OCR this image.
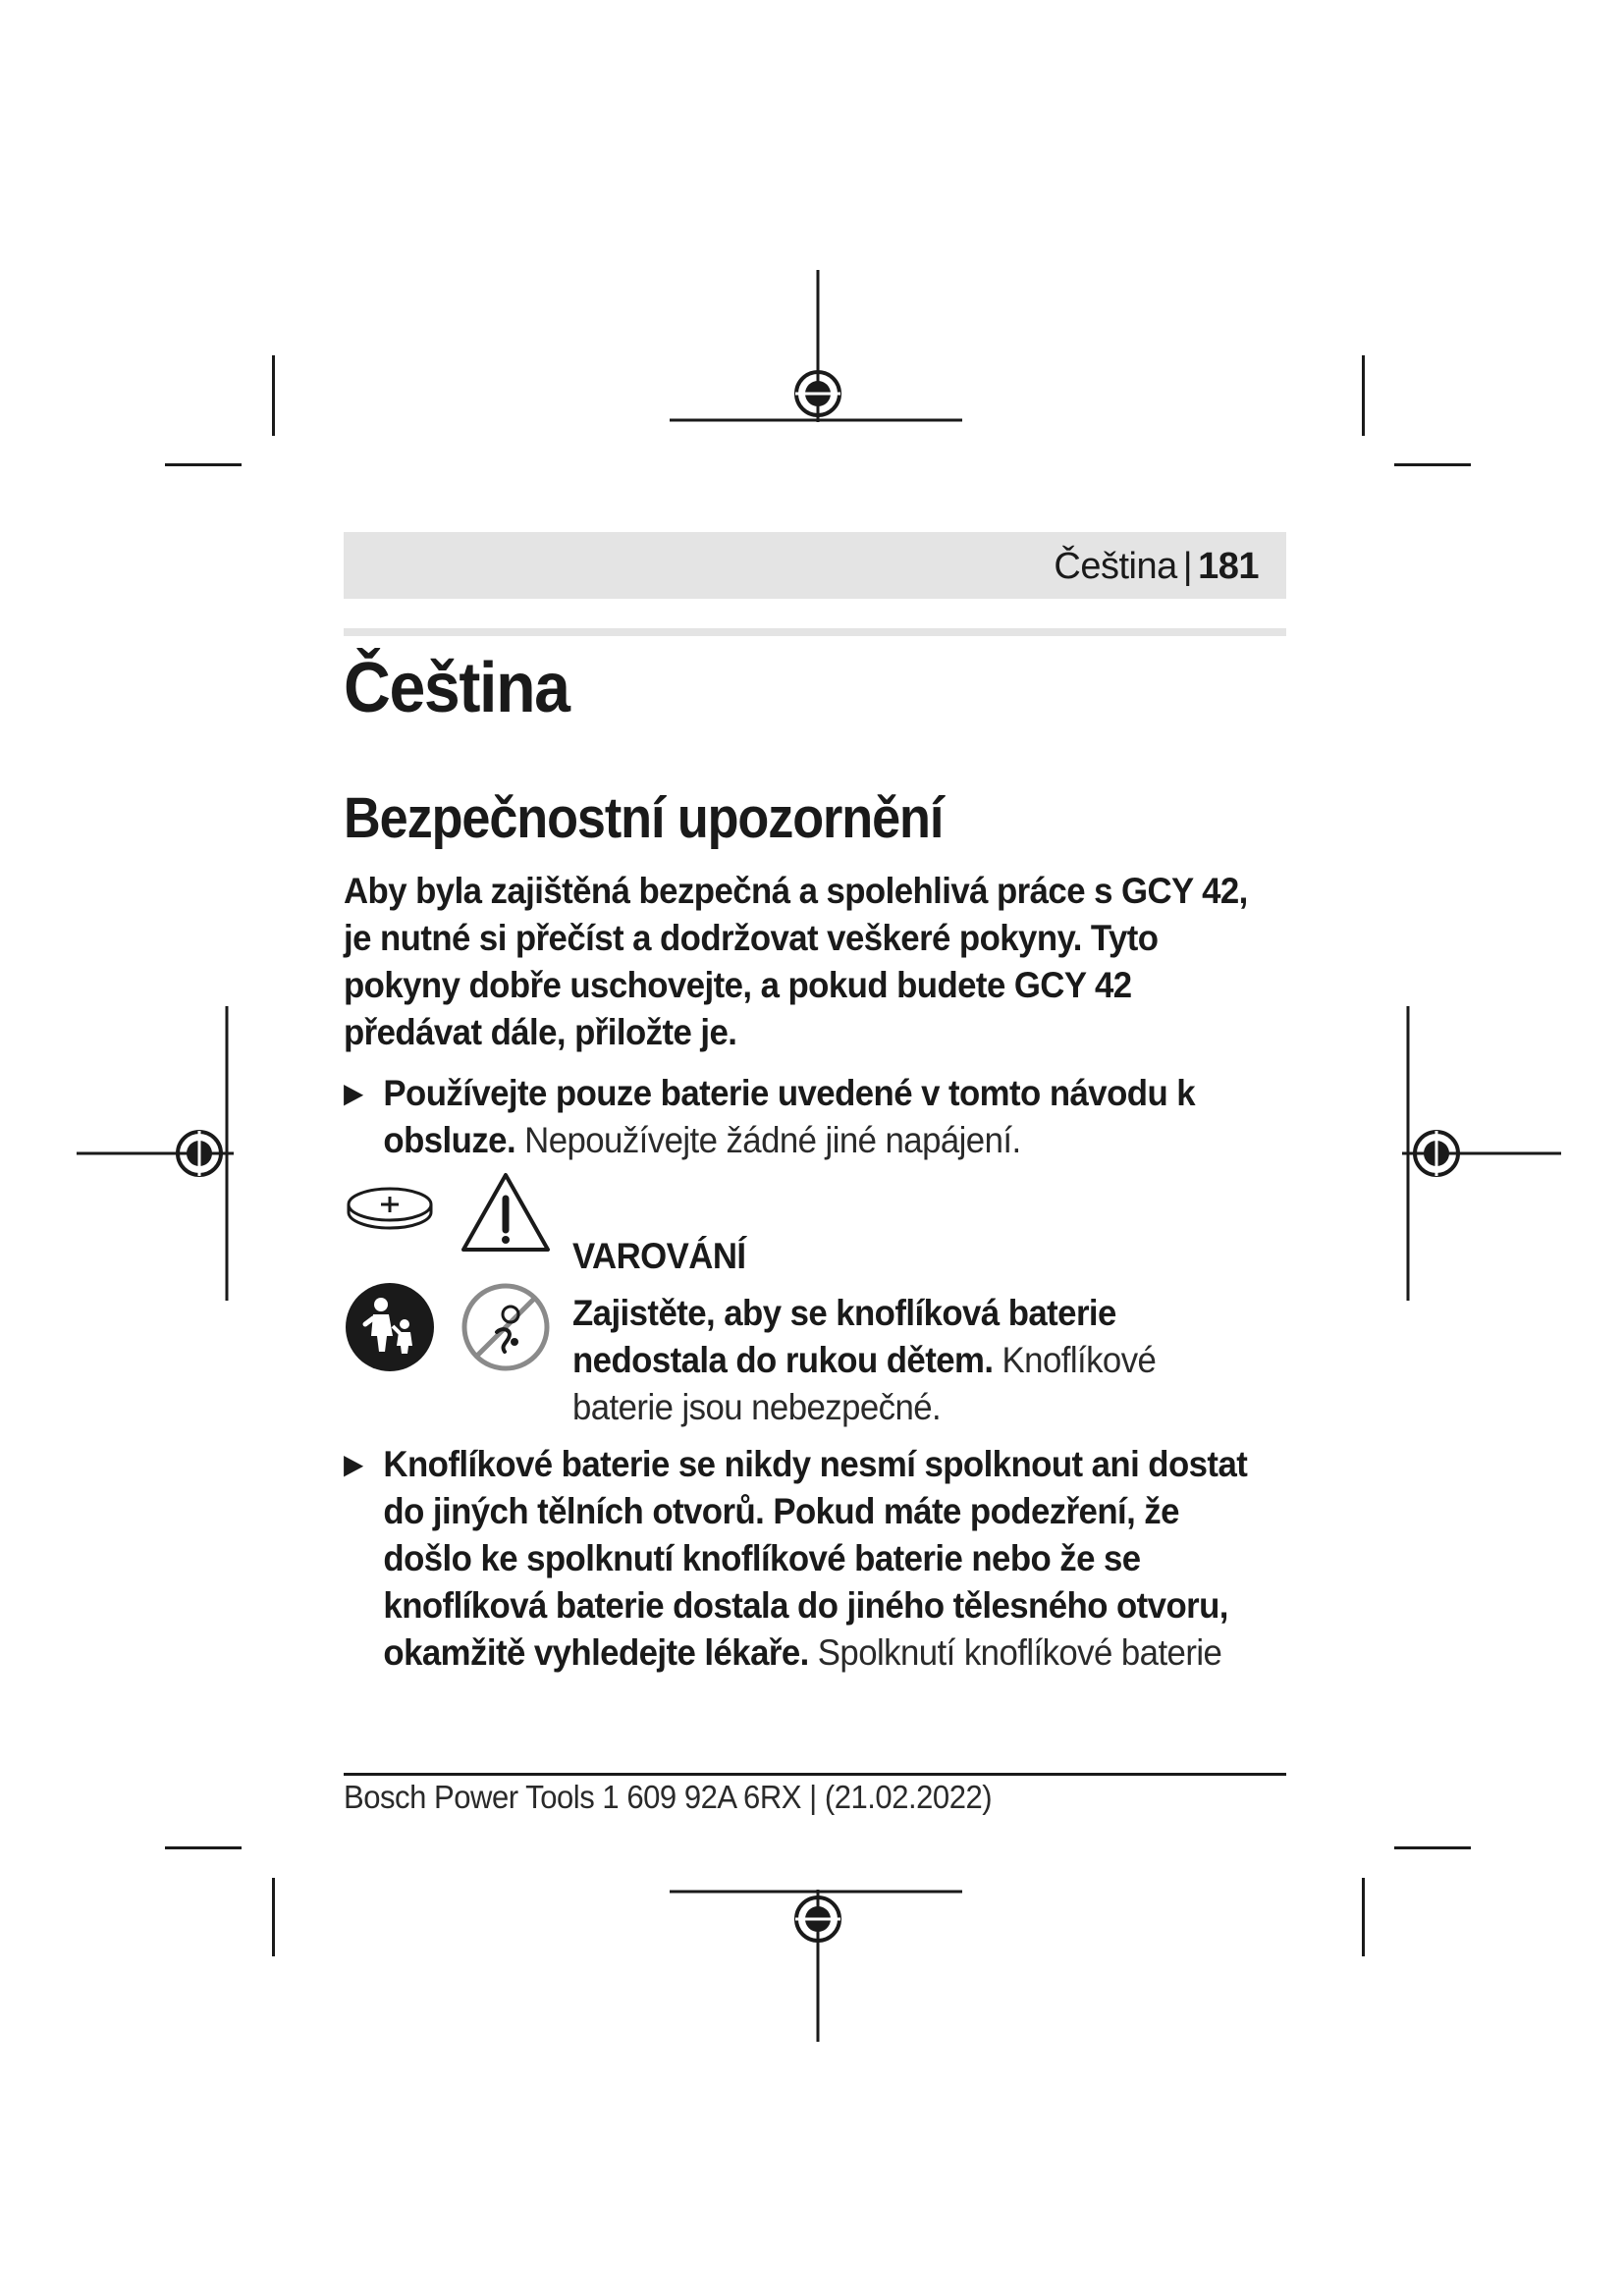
Čeština | 181
Čeština
Bezpečnostní upozornění
Aby byla zajištěná bezpečná a spolehlivá práce s GCY 42, je nutné si přečíst a dodržovat veškeré pokyny. Tyto pokyny dobře uschovejte, a pokud budete GCY 42 předávat dále, přiložte je.
▶ Používejte pouze baterie uvedené v tomto návodu k obsluze. Nepoužívejte žádné jiné napájení.
VAROVÁNÍ
Zajistěte, aby se knoflíková baterie nedostala do rukou dětem. Knoflíkové baterie jsou nebezpečné.
▶ Knoflíkové baterie se nikdy nesmí spolknout ani dostat do jiných tělních otvorů. Pokud máte podezření, že došlo ke spolknutí knoflíkové baterie nebo že se knoflíková baterie dostala do jiného tělesného otvoru, okamžitě vyhledejte lékaře. Spolknutí knoflíkové baterie
Bosch Power Tools 1 609 92A 6RX | (21.02.2022)
